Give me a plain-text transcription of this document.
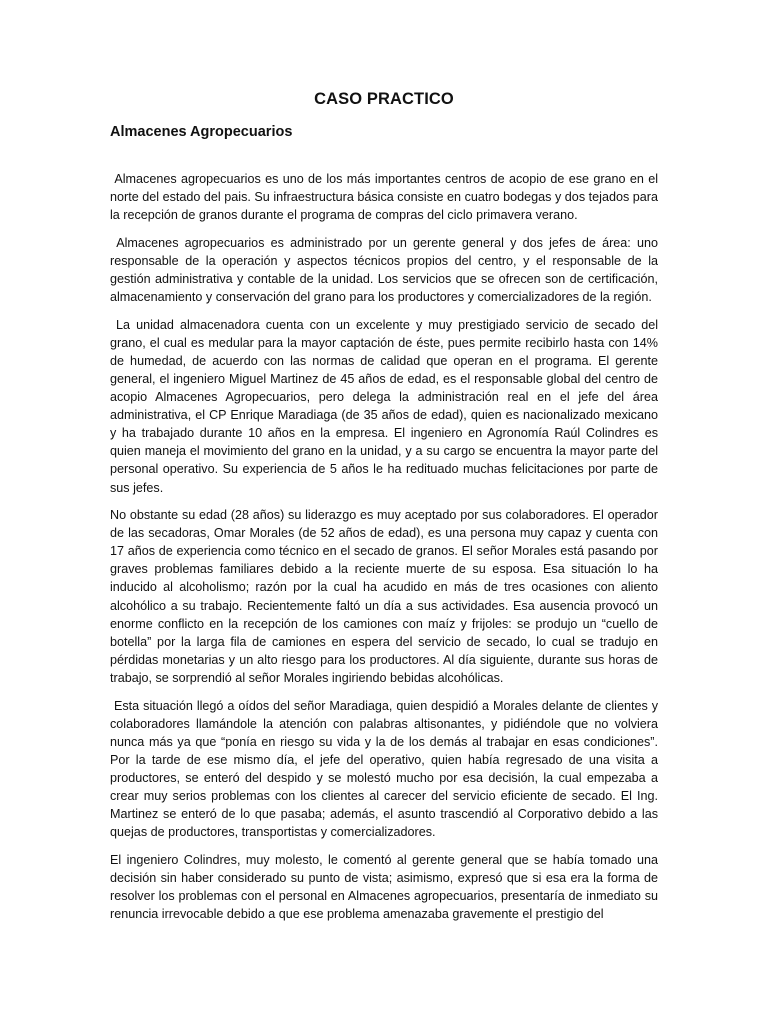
CASO PRACTICO
Almacenes Agropecuarios

Almacenes agropecuarios es uno de los más importantes centros de acopio de ese grano en el norte del estado del pais. Su infraestructura básica consiste en cuatro bodegas y dos tejados para la recepción de granos durante el programa de compras del ciclo primavera verano.

Almacenes agropecuarios es administrado por un gerente general y dos jefes de área: uno responsable de la operación y aspectos técnicos propios del centro, y el responsable de la gestión administrativa y contable de la unidad. Los servicios que se ofrecen son de certificación, almacenamiento y conservación del grano para los productores y comercializadores de la región.

La unidad almacenadora cuenta con un excelente y muy prestigiado servicio de secado del grano, el cual es medular para la mayor captación de éste, pues permite recibirlo hasta con 14% de humedad, de acuerdo con las normas de calidad que operan en el programa. El gerente general, el ingeniero Miguel Martinez de 45 años de edad, es el responsable global del centro de acopio Almacenes Agropecuarios, pero delega la administración real en el jefe del área administrativa, el CP Enrique Maradiaga (de 35 años de edad), quien es nacionalizado mexicano y ha trabajado durante 10 años en la empresa. El ingeniero en Agronomía Raúl Colindres es quien maneja el movimiento del grano en la unidad, y a su cargo se encuentra la mayor parte del personal operativo. Su experiencia de 5 años le ha redituado muchas felicitaciones por parte de sus jefes.

No obstante su edad (28 años) su liderazgo es muy aceptado por sus colaboradores. El operador de las secadoras, Omar Morales (de 52 años de edad), es una persona muy capaz y cuenta con 17 años de experiencia como técnico en el secado de granos. El señor Morales está pasando por graves problemas familiares debido a la reciente muerte de su esposa. Esa situación lo ha inducido al alcoholismo; razón por la cual ha acudido en más de tres ocasiones con aliento alcohólico a su trabajo. Recientemente faltó un día a sus actividades. Esa ausencia provocó un enorme conflicto en la recepción de los camiones con maíz y frijoles: se produjo un “cuello de botella” por la larga fila de camiones en espera del servicio de secado, lo cual se tradujo en pérdidas monetarias y un alto riesgo para los productores. Al día siguiente, durante sus horas de trabajo, se sorprendió al señor Morales ingiriendo bebidas alcohólicas.

Esta situación llegó a oídos del señor Maradiaga, quien despidió a Morales delante de clientes y colaboradores llamándole la atención con palabras altisonantes, y pidiéndole que no volviera nunca más ya que “ponía en riesgo su vida y la de los demás al trabajar en esas condiciones”. Por la tarde de ese mismo día, el jefe del operativo, quien había regresado de una visita a productores, se enteró del despido y se molestó mucho por esa decisión, la cual empezaba a crear muy serios problemas con los clientes al carecer del servicio eficiente de secado. El Ing. Martinez se enteró de lo que pasaba; además, el asunto trascendió al Corporativo debido a las quejas de productores, transportistas y comercializadores.

El ingeniero Colindres, muy molesto, le comentó al gerente general que se había tomado una decisión sin haber considerado su punto de vista; asimismo, expresó que si esa era la forma de resolver los problemas con el personal en Almacenes agropecuarios, presentaría de inmediato su renuncia irrevocable debido a que ese problema amenazaba gravemente el prestigio del
